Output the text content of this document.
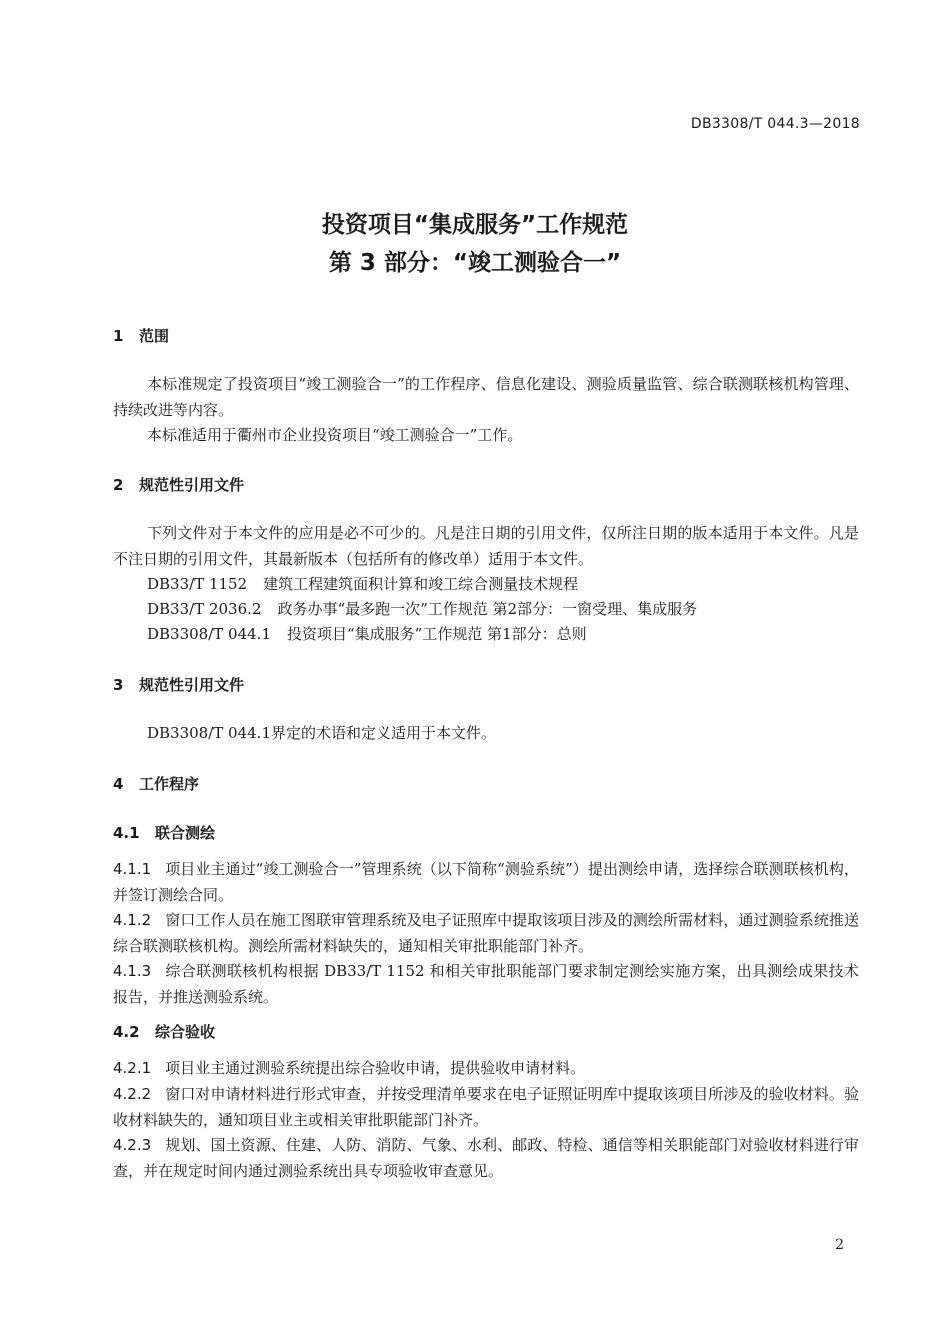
DB3308/T 044.3—2018
投资项目“集成服务”工作规范
第 3 部分：“竣工测验合一”
1 范围
本标准规定了投资项目“竣工测验合一”的工作程序、信息化建设、测验质量监管、综合联测联核机构管理、持续改进等内容。
本标准适用于衢州市企业投资项目“竣工测验合一”工作。
2 规范性引用文件
下列文件对于本文件的应用是必不可少的。凡是注日期的引用文件，仅所注日期的版本适用于本文件。凡是不注日期的引用文件，其最新版本（包括所有的修改单）适用于本文件。
DB33/T 1152 建筑工程建筑面积计算和竣工综合测量技术规程
DB33/T 2036.2 政务办事“最多跑一次”工作规范 第2部分：一窗受理、集成服务
DB3308/T 044.1 投资项目“集成服务”工作规范 第1部分：总则
3 规范性引用文件
DB3308/T 044.1界定的术语和定义适用于本文件。
4 工作程序
4.1 联合测绘
4.1.1 项目业主通过“竣工测验合一”管理系统（以下简称“测验系统”）提出测绘申请，选择综合联测联核机构，并签订测绘合同。
4.1.2 窗口工作人员在施工图联审管理系统及电子证照库中提取该项目涉及的测绘所需材料，通过测验系统推送综合联测联核机构。测绘所需材料缺失的，通知相关审批职能部门补齐。
4.1.3 综合联测联核机构根据 DB33/T 1152 和相关审批职能部门要求制定测绘实施方案，出具测绘成果技术报告，并推送测验系统。
4.2 综合验收
4.2.1 项目业主通过测验系统提出综合验收申请，提供验收申请材料。
4.2.2 窗口对申请材料进行形式审查，并按受理清单要求在电子证照证明库中提取该项目所涉及的验收材料。验收材料缺失的，通知项目业主或相关审批职能部门补齐。
4.2.3 规划、国土资源、住建、人防、消防、气象、水利、邮政、特检、通信等相关职能部门对验收材料进行审查，并在规定时间内通过测验系统出具专项验收审查意见。
2
